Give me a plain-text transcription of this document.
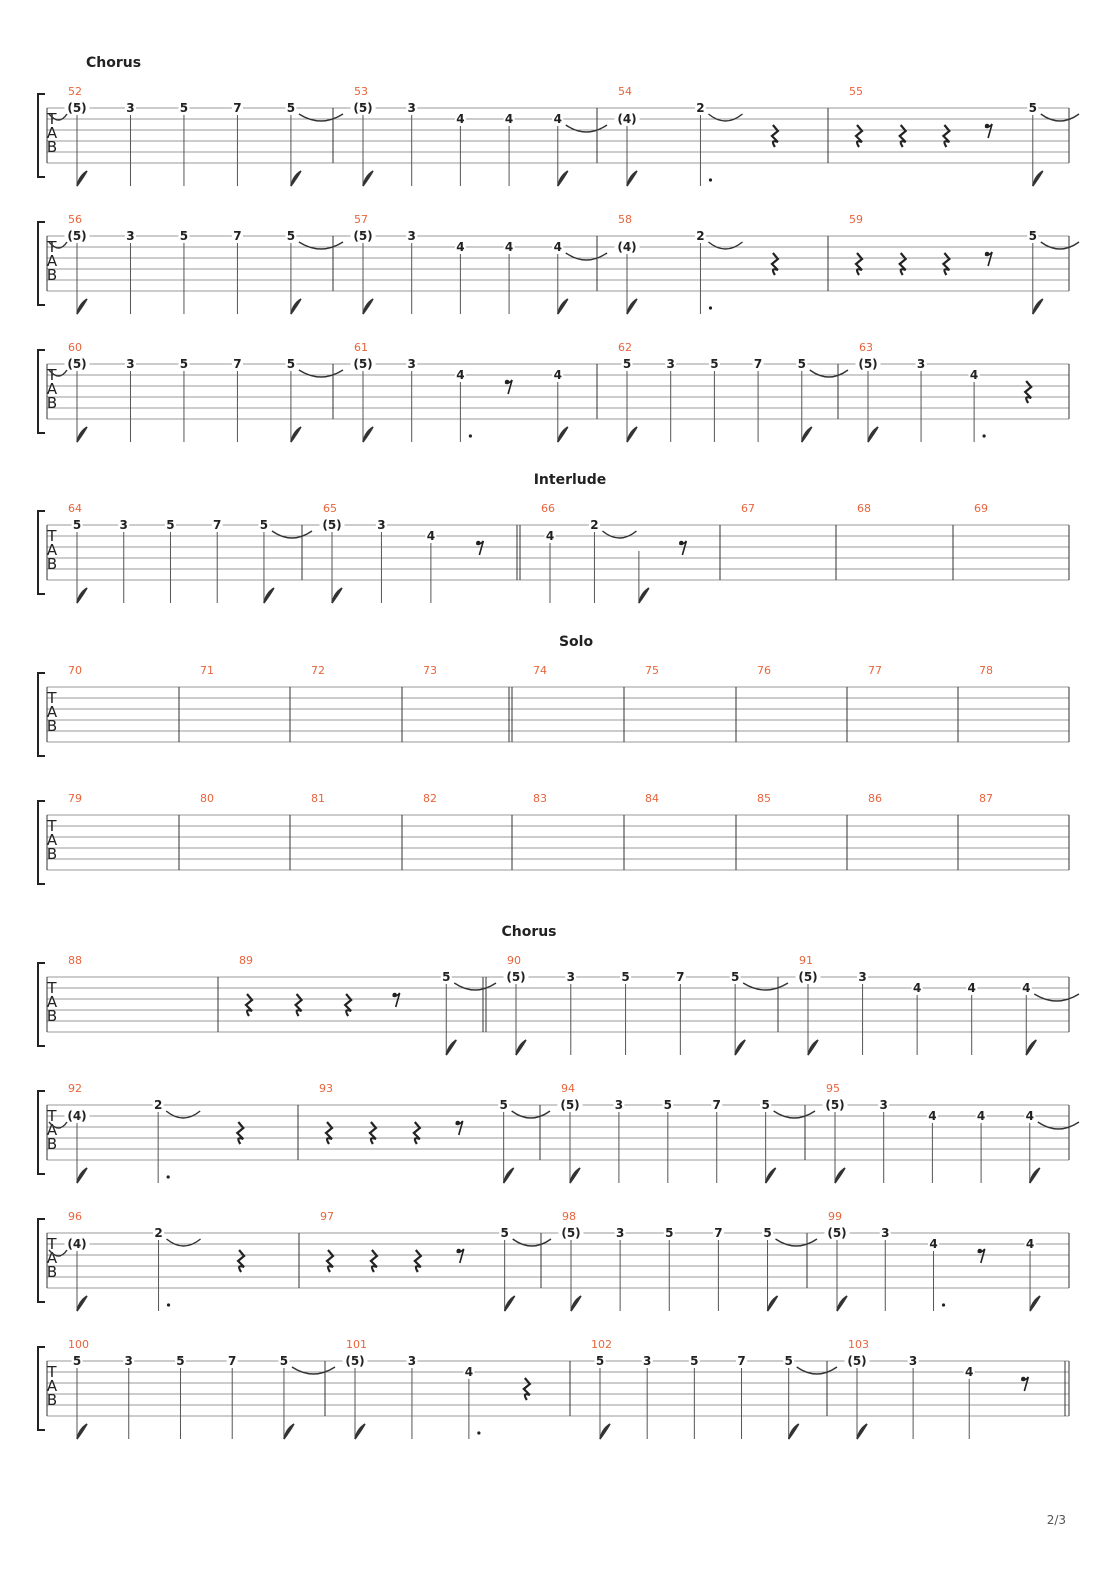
Chorus
T
A
B
52
(5)	3	5	7	5
53
(5)	3
4	4	4
54
(4)
2
55
5
T
A
B
56
(5)	3	5	7	5
57
(5)	3
4	4	4
58
(4)
2
59
5
T
A
B
60
(5)	3	5	7	5
61
(5)	3
4	4
62
5	3	5	7	5
63
(5)	3
4
Interlude
T
A
B
64
5	3	5	7	5
65
(5)	3
4
66
4
2
67	68	69
Solo
T
A
B
70	71	72	73	74	75	76	77	78
T
A
B
79	80	81	82	83	84	85	86	87
Chorus
T
A
B
88	89
5
90
(5)	3	5	7	5
91
(5)	3
4	4	4
T
A
B
92
(4)
2
93
5
94
(5)	3	5	7	5
95
(5)	3
4	4	4
T
A
B
96
(4)
2
97
5
98
(5)	3	5	7	5
99
(5)	3
4	4
T
A
B
100
5	3	5	7	5
101
(5)	3
4
102
5	3	5	7	5
103
(5)	3
4
2/3
